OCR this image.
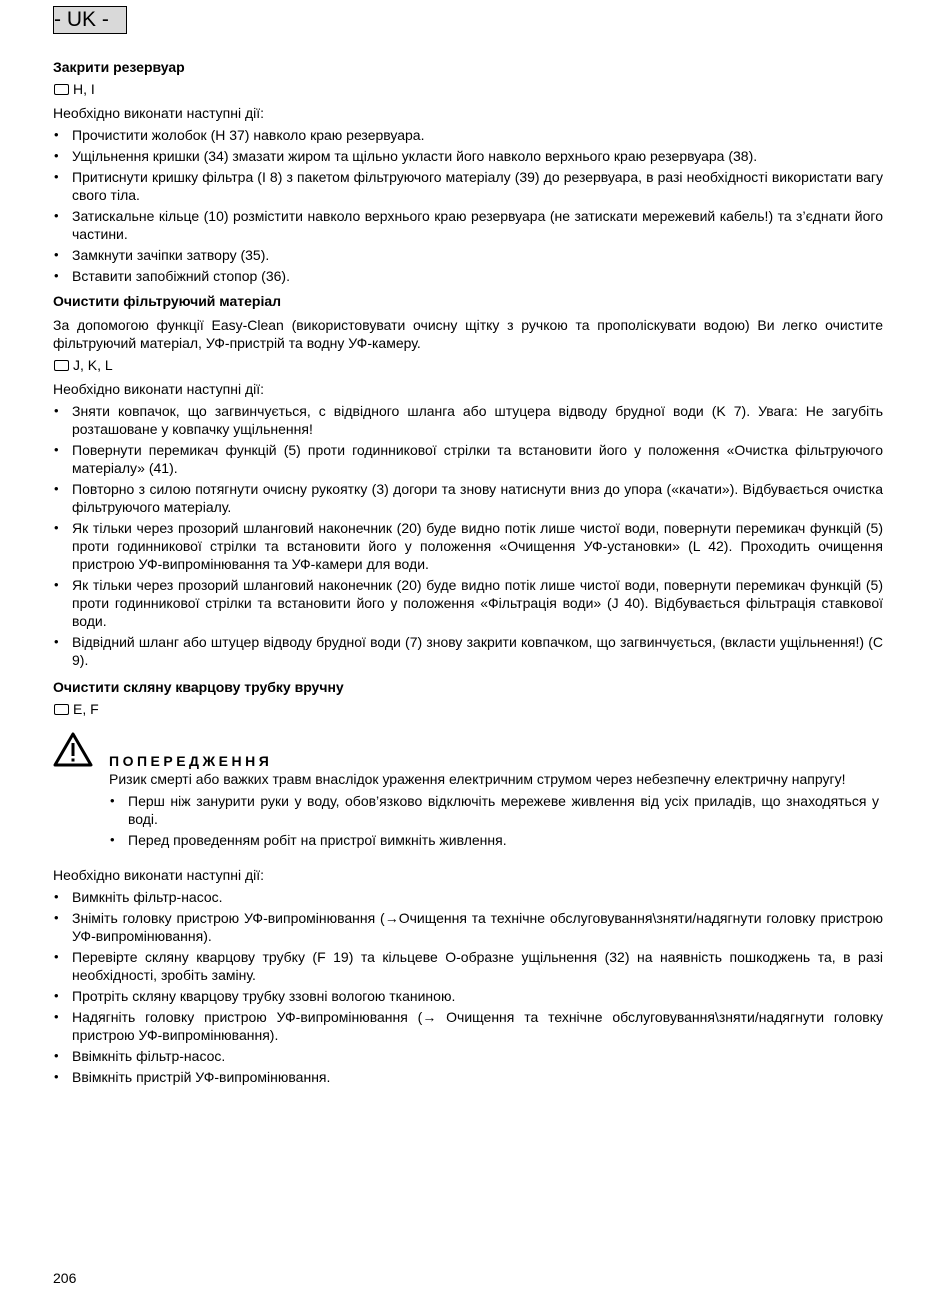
- UK -
Закрити резервуар
H, I

Необхідно виконати наступні дії:

• Прочистити жолобок (H 37) навколо краю резервуара.
• Ущільнення кришки (34) змазати жиром та щільно укласти його навколо верхнього краю резервуара (38).
• Притиснути кришку фільтра (I 8) з пакетом фільтруючого матеріалу (39) до резервуара, в разі необхідності використати вагу свого тіла.
• Затискальне кільце (10) розмістити навколо верхнього краю резервуара (не затискати мережевий кабель!) та з’єднати його частини.
• Замкнути зачіпки затвору (35).
• Вставити запобіжний стопор (36).
Очистити фільтруючий матеріал

За допомогою функції Easy-Clean (використовувати очисну щітку з ручкою та прополіскувати водою) Ви легко очистите фільтруючий матеріал, УФ-пристрій та водну УФ-камеру.

J, K, L

Необхідно виконати наступні дії:

• Зняти ковпачок, що загвинчується, с відвідного шланга або штуцера відводу брудної води (K 7). Увага: Не загубіть розташоване у ковпачку ущільнення!
• Повернути перемикач функцій (5) проти годинникової стрілки та встановити його у положення «Очистка фільтруючого матеріалу» (41).
• Повторно з силою потягнути очисну рукоятку (3) догори та знову натиснути вниз до упора («качати»). Відбувається очистка фільтруючого матеріалу.
• Як тільки через прозорий шланговий наконечник (20) буде видно потік лише чистої води, повернути перемикач функцій (5) проти годинникової стрілки та встановити його у положення «Очищення УФ-установки» (L 42). Проходить очищення пристрою УФ-випромінювання та УФ-камери для води.
• Як тільки через прозорий шланговий наконечник (20) буде видно потік лише чистої води, повернути перемикач функцій (5) проти годинникової стрілки та встановити його у положення «Фільтрація води» (J 40). Відбувається фільтрація ставкової води.
• Відвідний шланг або штуцер відводу брудної води (7) знову закрити ковпачком, що загвинчується, (вкласти ущільнення!) (C 9).
Очистити скляну кварцову трубку вручну
E, F
ПОПЕРЕДЖЕННЯ

Ризик смерті або важких травм внаслідок ураження електричним струмом через небезпечну електричну напругу!

• Перш ніж занурити руки у воду, обов’язково відключіть мережеве живлення від усіх приладів, що знаходяться у воді.
• Перед проведенням робіт на пристрої вимкніть живлення.

Необхідно виконати наступні дії:

• Вимкніть фільтр-насос.
• Зніміть головку пристрою УФ-випромінювання (→Очищення та технічне обслуговування\зняти/надягнути головку пристрою УФ-випромінювання).
• Перевірте скляну кварцову трубку (F 19) та кільцеве O-образне ущільнення (32) на наявність пошкоджень та, в разі необхідності, зробіть заміну.
• Протріть скляну кварцову трубку ззовні вологою тканиною.
• Надягніть головку пристрою УФ-випромінювання (→ Очищення та технічне обслуговування\зняти/надягнути головку пристрою УФ-випромінювання).
• Ввімкніть фільтр-насос.
• Ввімкніть пристрій УФ-випромінювання.
206
